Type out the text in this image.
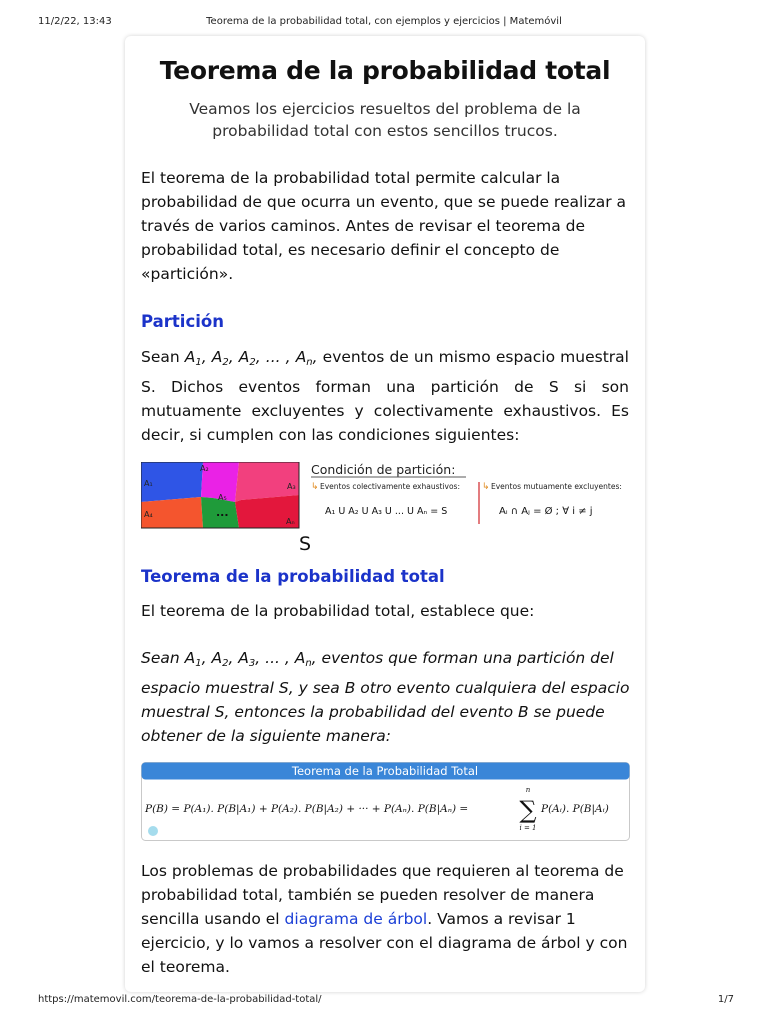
11/2/22, 13:43	Teorema de la probabilidad total, con ejemplos y ejercicios | Matemóvil
Teorema de la probabilidad total
Veamos los ejercicios resueltos del problema de la
probabilidad total con estos sencillos trucos.
El teorema de la probabilidad total permite calcular la
probabilidad de que ocurra un evento, que se puede realizar a
través de varios caminos. Antes de revisar el teorema de
probabilidad total, es necesario definir el concepto de
«partición».
Partición
Sean $A_1$, $A_2$, $A_2$, ... , $A_n$, eventos de un mismo espacio muestral
S. Dichos eventos forman una partición de S si son
mutuamente excluyentes y colectivamente exhaustivos. Es
decir, si cumplen con las condiciones siguientes:
A₁
A₂
A₃
A₄
A₅
Aₙ
...
S
Condición de partición:
↳ Eventos colectivamente exhaustivos: ↳ Eventos mutuamente excluyentes:
A₁ U A₂ U A₃ U ... U Aₙ = S	Aᵢ ∩ Aⱼ = Ø ; ∀ i ≠ j
Teorema de la probabilidad total
El teorema de la probabilidad total, establece que:
Sean $A_1$, $A_2$, $A_3$, ... , $A_n$, eventos que forman una partición del
espacio muestral S, y sea B otro evento cualquiera del espacio
muestral S, entonces la probabilidad del evento B se puede
obtener de la siguiente manera:
Teorema de la Probabilidad Total
P(B) = P(A₁). P(B|A₁) + P(A₂). P(B|A₂) + ··· + P(Aₙ). P(B|Aₙ) =
n
∑
i = 1
P(Aᵢ). P(B|Aᵢ)
Los problemas de probabilidades que requieren al teorema de
probabilidad total, también se pueden resolver de manera
sencilla usando el diagrama de árbol. Vamos a revisar 1
ejercicio, y lo vamos a resolver con el diagrama de árbol y con
el teorema.
https://matemovil.com/teorema-de-la-probabilidad-total/	1/7
